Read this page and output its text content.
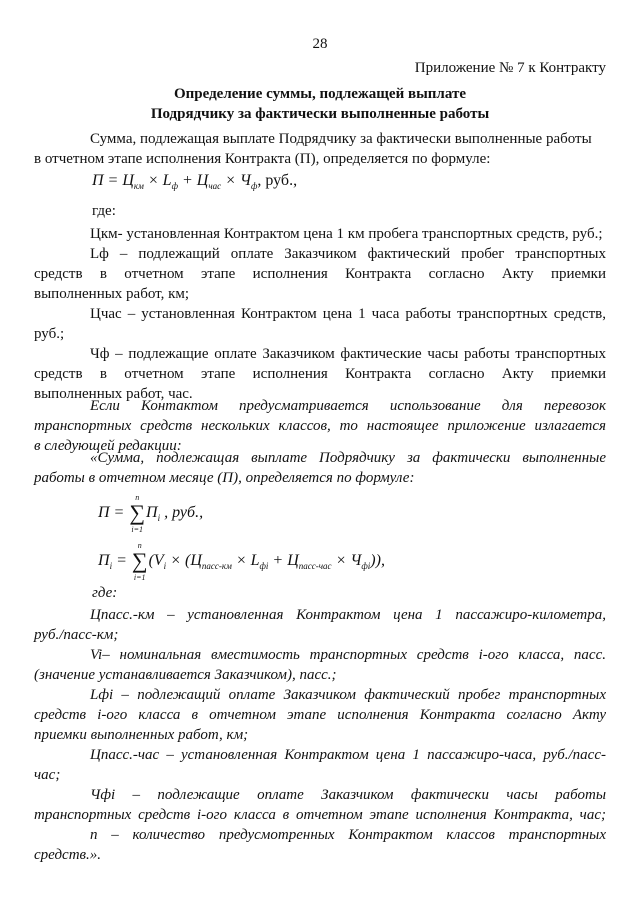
28
Приложение № 7 к Контракту
Определение суммы, подлежащей выплате
Подрядчику за фактически выполненные работы
Сумма, подлежащая выплате Подрядчику за фактически выполненные работы
в отчетном этапе исполнения Контракта (П), определяется по формуле:
$П = Ц_{км} \times L_ф + Ц_{час} \times Ч_ф$, руб.,
где:
Цкм- установленная Контрактом цена 1 км пробега транспортных средств, руб.;
Lф – подлежащий оплате Заказчиком фактический пробег транспортных
средств в отчетном этапе исполнения Контракта согласно Акту приемки
выполненных работ, км;
Цчас – установленная Контрактом цена 1 часа работы транспортных средств,
руб.;
Чф – подлежащие оплате Заказчиком фактические часы работы транспортных
средств в отчетном этапе исполнения Контракта согласно Акту приемки
выполненных работ, час.
Если Контактом предусматривается использование для перевозок
транспортных средств нескольких классов, то настоящее приложение излагается
в следующей редакции:
«Сумма, подлежащая выплате Подрядчику за фактически выполненные
работы в отчетном месяце (П), определяется по формуле:
П = ∑
n
i=1
$П_i$ , руб.,
$П_i$ = ∑
n
i=1
$(V_i \times (Ц_{пасс-км} \times L_{фi} + Ц_{пасс-час} \times Ч_{фi}))$,
где:
Цпасс.-км – установленная Контрактом цена 1 пассажиро-километра,
руб./пасс-км;
Vi– номинальная вместимость транспортных средств i-ого класса, пасс.
(значение устанавливается Заказчиком), пасс.;
Lфi – подлежащий оплате Заказчиком фактический пробег транспортных
средств i-ого класса в отчетном этапе исполнения Контракта согласно Акту
приемки выполненных работ, км;
Цпасс.-час – установленная Контрактом цена 1 пассажиро-часа, руб./пасс-час;
Чфi – подлежащие оплате Заказчиком фактически часы работы
транспортных средств i-ого класса в отчетном этапе исполнения Контракта, час;
n – количество предусмотренных Контрактом классов транспортных
средств.».
